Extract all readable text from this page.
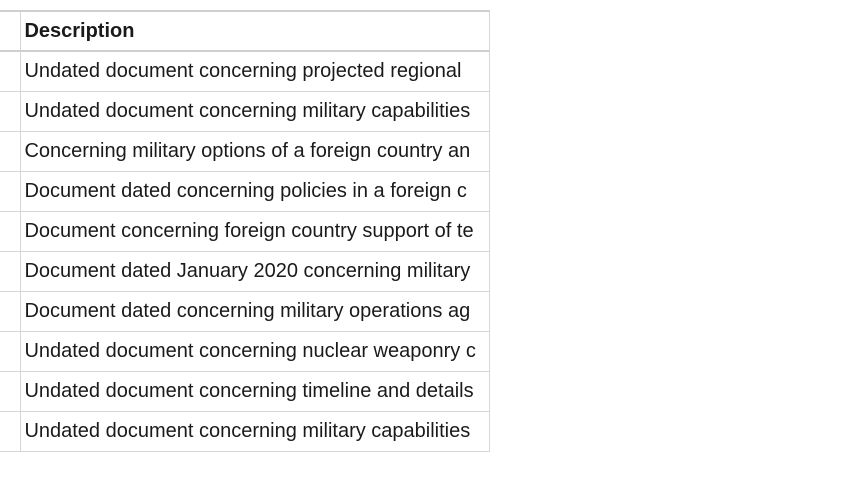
	Description
	Undated document concerning projected regional
	Undated document concerning military capabilities
	Concerning military options of a foreign country an
	Document dated concerning policies in a foreign c
	Document concerning foreign country support of te
	Document dated January 2020 concerning military
	Document dated concerning military operations ag
	Undated document concerning nuclear weaponry c
	Undated document concerning timeline and details
	Undated document concerning military capabilities
